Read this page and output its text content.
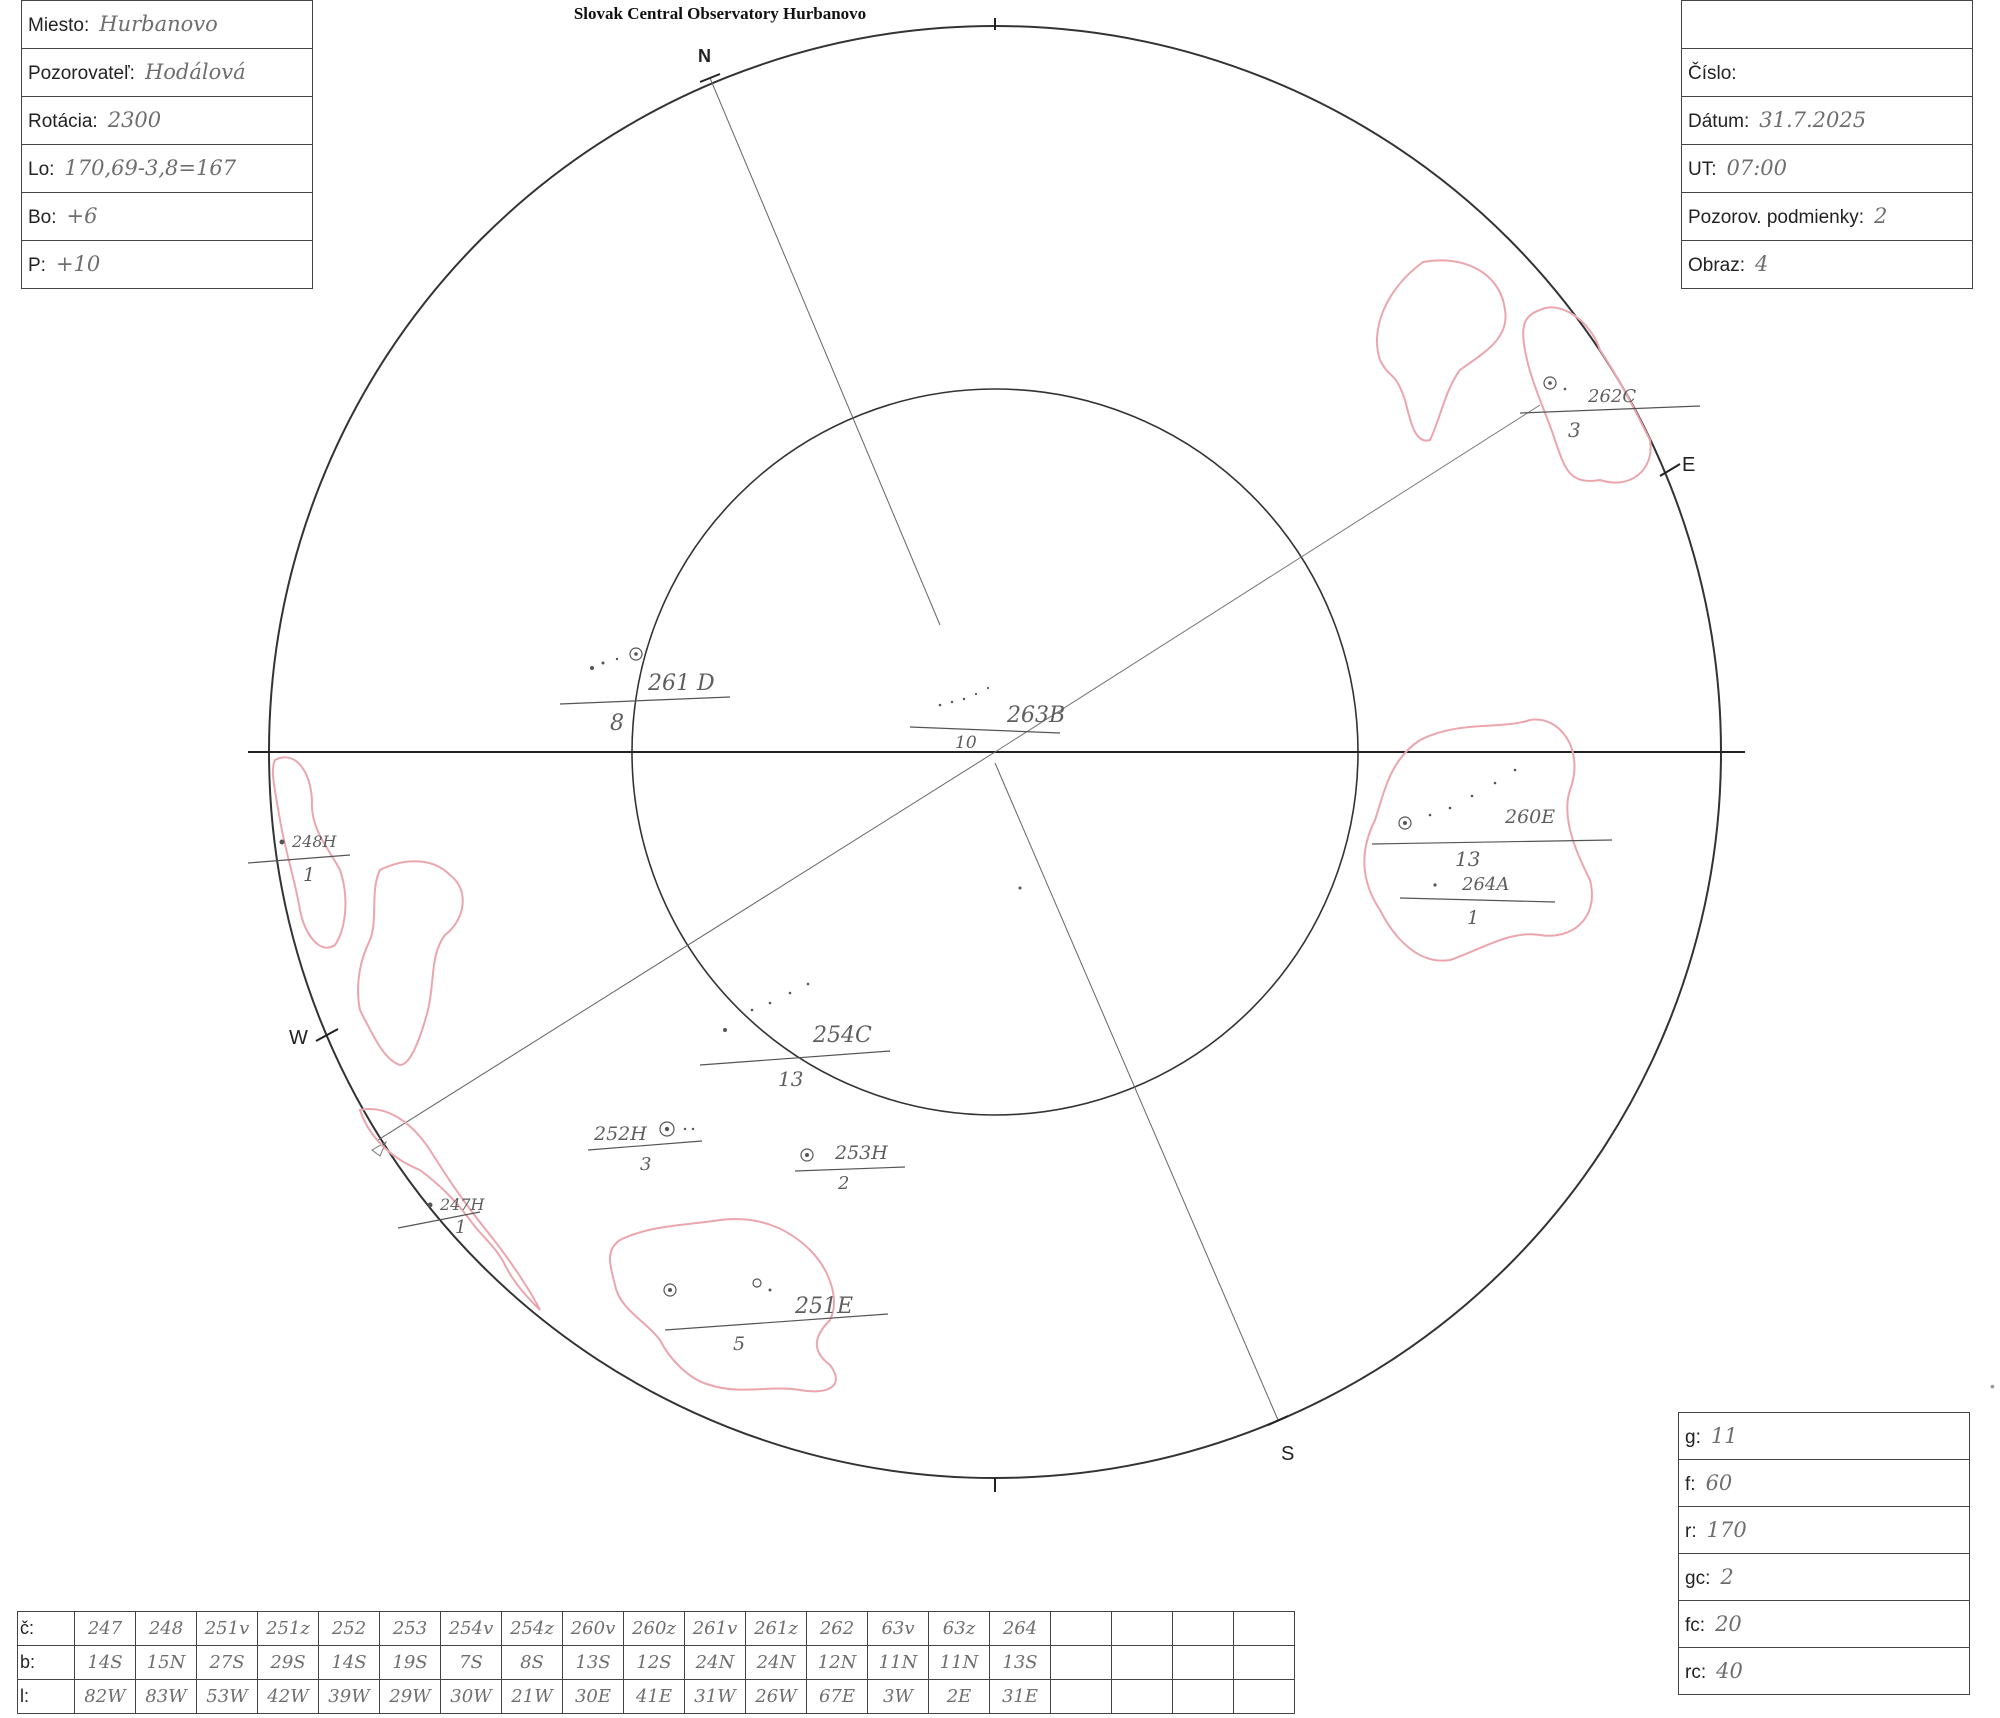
Slovak Central Observatory Hurbanovo
Miesto: Hurbanovo
Pozorovateľ: Hodálová
Rotácia: 2300
Lo: 170,69-3,8=167
Bo: +6
P: +10

Číslo:
Dátum: 31.7.2025
UT: 07:00
Pozorov. podmienky: 2
Obraz: 4
N
E
S
W
261 D
8	263B
10
262C
3
260E
13
264A
1
248H
1
254C
13
252H
3
253H
2
247H
1
251E
5
g: 11
f: 60
r: 170
gc: 2
fc: 20
rc: 40
č:	247	248	251v	251z	252	253	254v	254z	260v	260z	261v	261z	262	63v	63z	264				
b:	14S	15N	27S	29S	14S	19S	7S	8S	13S	12S	24N	24N	12N	11N	11N	13S				
l:	82W	83W	53W	42W	39W	29W	30W	21W	30E	41E	31W	26W	67E	3W	2E	31E				
•
